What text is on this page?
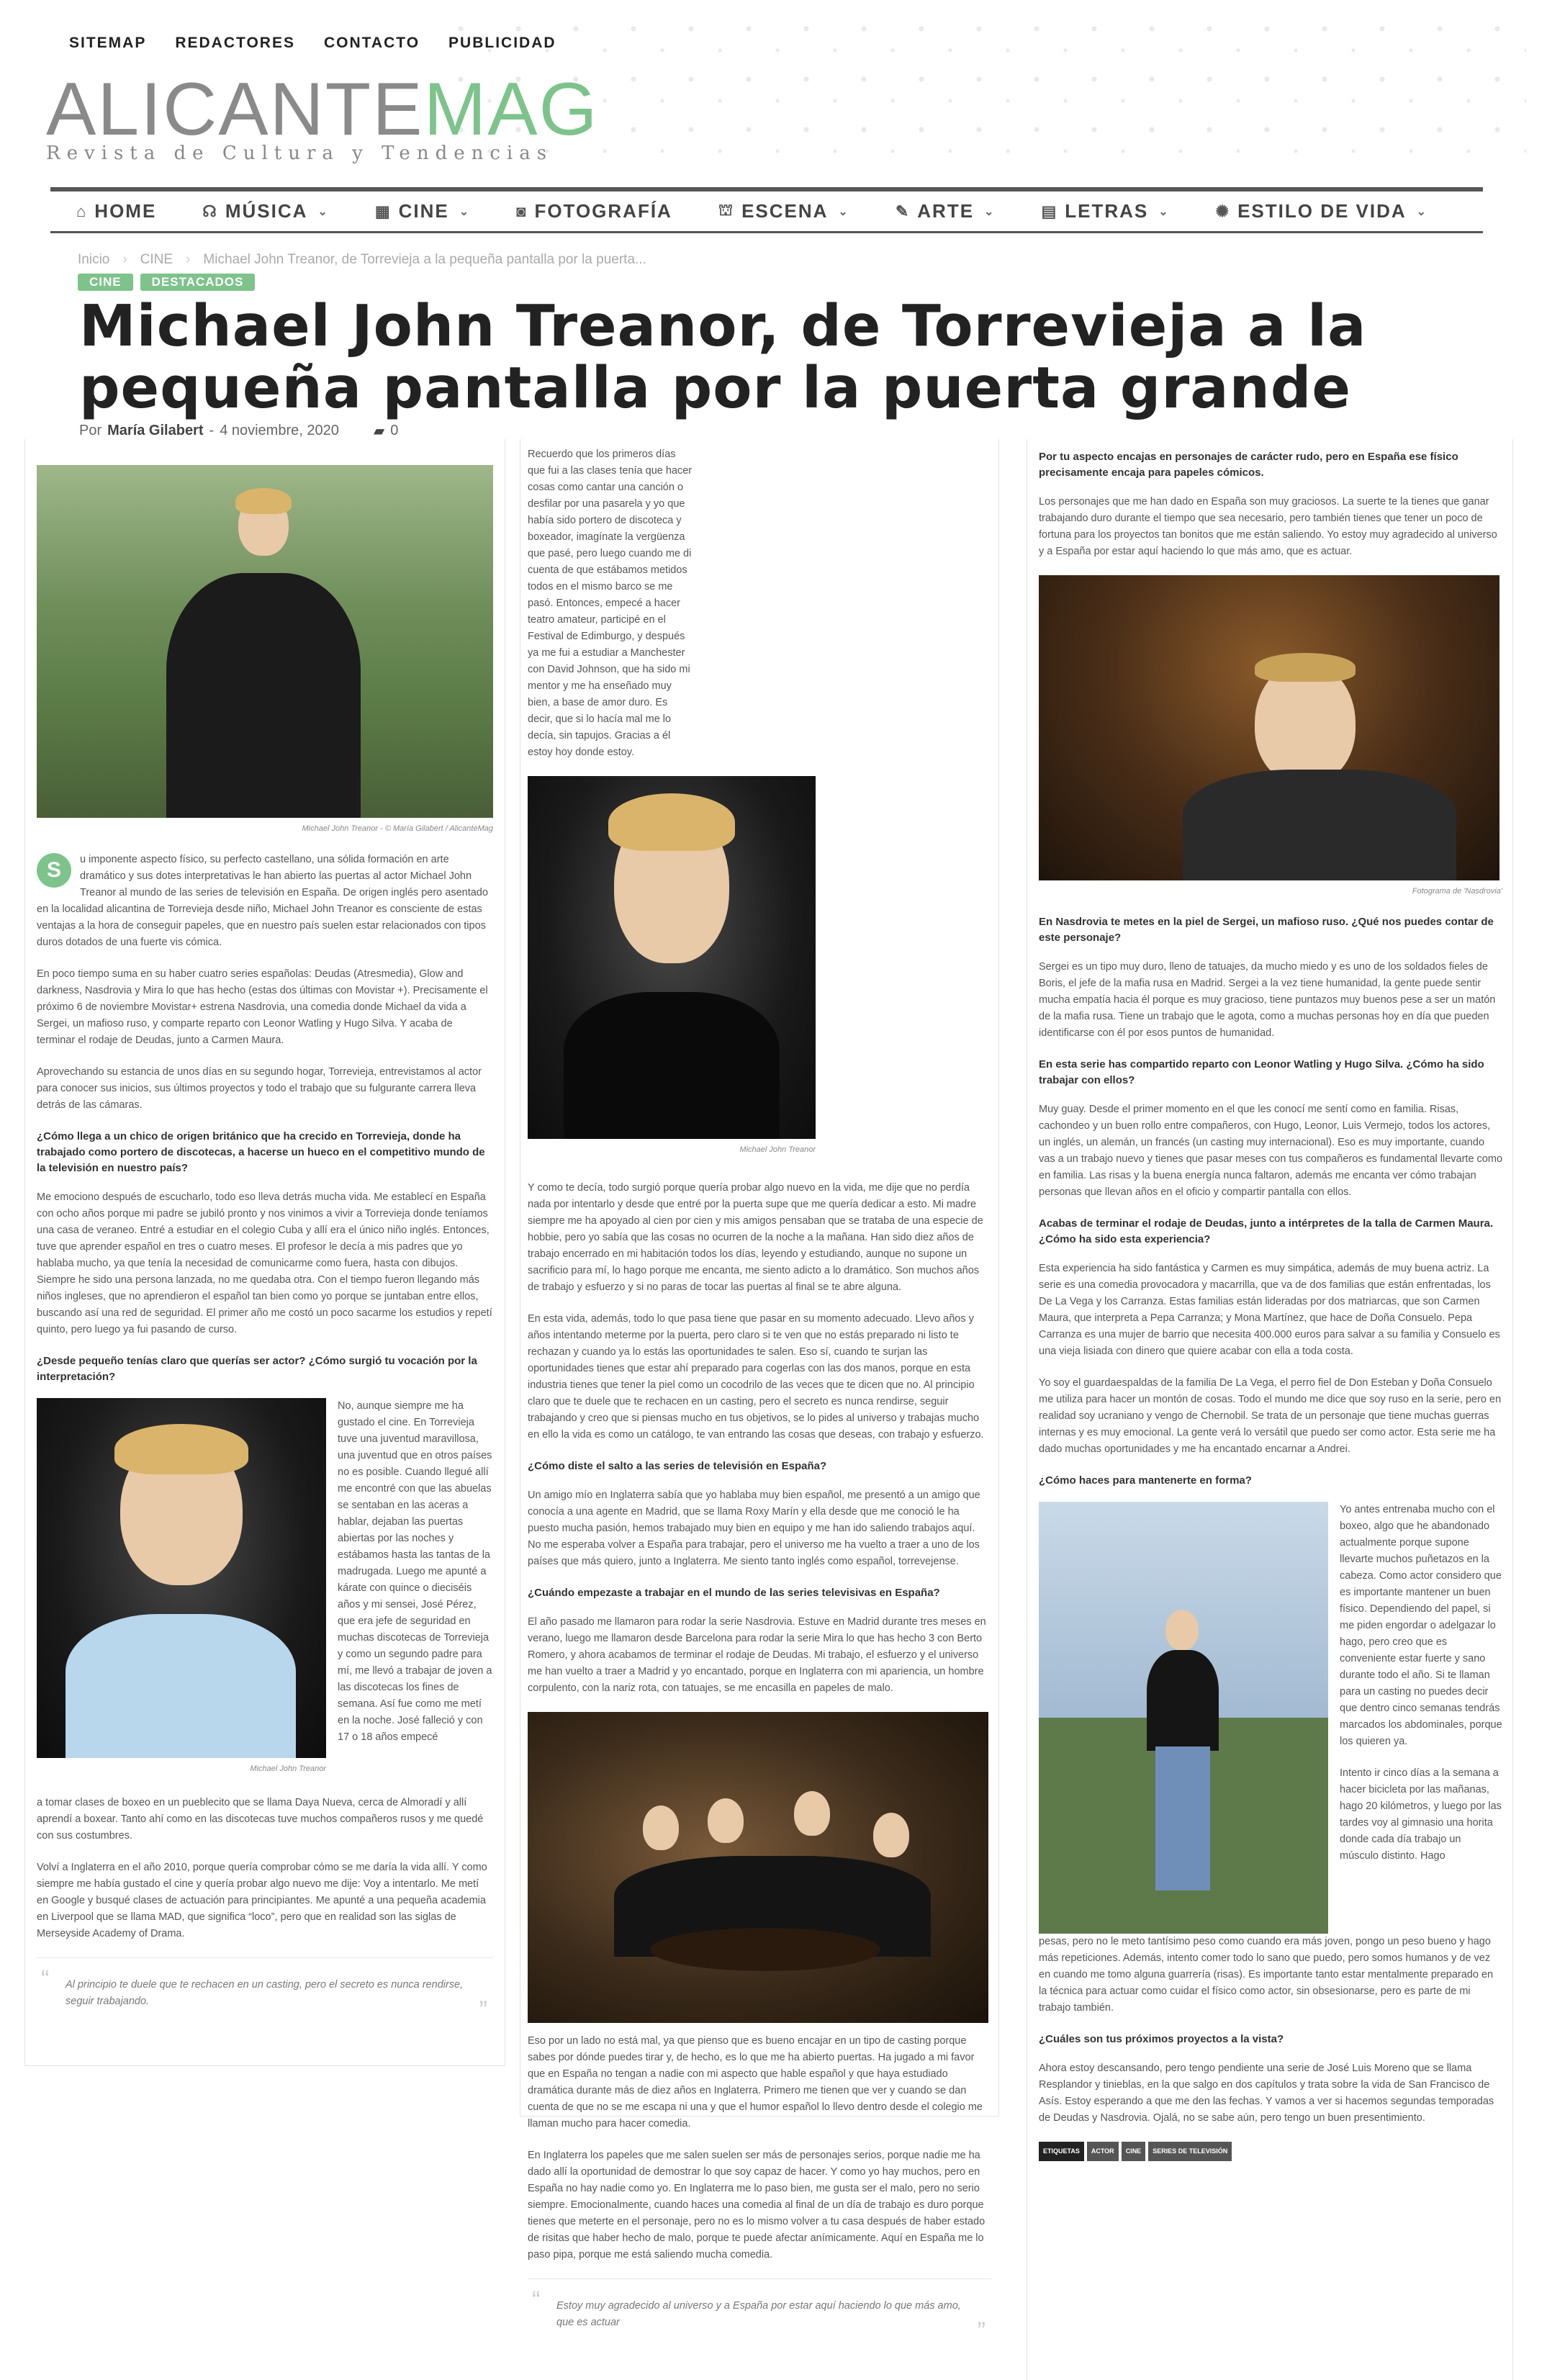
SITEMAP REDACTORES CONTACTO PUBLICIDAD
ALICANTEMAG
Revista de Cultura y Tendencias
⌂ HOME	☊ MÚSICA ⌄	▦ CINE ⌄	◙ FOTOGRAFÍA	⛫ ESCENA ⌄	✎ ARTE ⌄	▤ LETRAS ⌄	✺ ESTILO DE VIDA ⌄
Inicio › CINE › Michael John Treanor, de Torrevieja a la pequeña pantalla por la puerta...
CINE	DESTACADOS
Michael John Treanor, de Torrevieja a la pequeña pantalla por la puerta grande
Por María Gilabert - 4 noviembre, 2020 ▰ 0
Michael John Treanor - © María Gilabert / AlicanteMag

S	u imponente aspecto físico, su perfecto castellano, una sólida formación en arte dramático y sus dotes interpretativas le han abierto las puertas al actor Michael John Treanor al mundo de las series de televisión en España. De origen inglés pero asentado en la localidad alicantina de Torrevieja desde niño, Michael John Treanor es consciente de estas ventajas a la hora de conseguir papeles, que en nuestro país suelen estar relacionados con tipos duros dotados de una fuerte vis cómica.

En poco tiempo suma en su haber cuatro series españolas: Deudas (Atresmedia), Glow and darkness, Nasdrovia y Mira lo que has hecho (estas dos últimas con Movistar +). Precisamente el próximo 6 de noviembre Movistar+ estrena Nasdrovia, una comedia donde Michael da vida a Sergei, un mafioso ruso, y comparte reparto con Leonor Watling y Hugo Silva. Y acaba de terminar el rodaje de Deudas, junto a Carmen Maura.

Aprovechando su estancia de unos días en su segundo hogar, Torrevieja, entrevistamos al actor para conocer sus inicios, sus últimos proyectos y todo el trabajo que su fulgurante carrera lleva detrás de las cámaras.

¿Cómo llega a un chico de origen británico que ha crecido en Torrevieja, donde ha trabajado como portero de discotecas, a hacerse un hueco en el competitivo mundo de la televisión en nuestro país?

Me emociono después de escucharlo, todo eso lleva detrás mucha vida. Me establecí en España con ocho años porque mi padre se jubiló pronto y nos vinimos a vivir a Torrevieja donde teníamos una casa de veraneo. Entré a estudiar en el colegio Cuba y allí era el único niño inglés. Entonces, tuve que aprender español en tres o cuatro meses. El profesor le decía a mis padres que yo hablaba mucho, ya que tenía la necesidad de comunicarme como fuera, hasta con dibujos. Siempre he sido una persona lanzada, no me quedaba otra. Con el tiempo fueron llegando más niños ingleses, que no aprendieron el español tan bien como yo porque se juntaban entre ellos, buscando así una red de seguridad. El primer año me costó un poco sacarme los estudios y repetí quinto, pero luego ya fui pasando de curso.

¿Desde pequeño tenías claro que querías ser actor? ¿Cómo surgió tu vocación por la interpretación?
Michael John Treanor

No, aunque siempre me ha gustado el cine. En Torrevieja tuve una juventud maravillosa, una juventud que en otros países no es posible. Cuando llegué allí me encontré con que las abuelas se sentaban en las aceras a hablar, dejaban las puertas abiertas por las noches y estábamos hasta las tantas de la madrugada. Luego me apunté a kárate con quince o dieciséis años y mi sensei, José Pérez, que era jefe de seguridad en muchas discotecas de Torrevieja y como un segundo padre para mí, me llevó a trabajar de joven a las discotecas los fines de semana. Así fue como me metí en la noche. José falleció y con 17 o 18 años empecé

a tomar clases de boxeo en un pueblecito que se llama Daya Nueva, cerca de Almoradí y allí aprendí a boxear. Tanto ahí como en las discotecas tuve muchos compañeros rusos y me quedé con sus costumbres.

Volví a Inglaterra en el año 2010, porque quería comprobar cómo se me daría la vida allí. Y como siempre me había gustado el cine y quería probar algo nuevo me dije: Voy a intentarlo. Me metí en Google y busqué clases de actuación para principiantes. Me apunté a una pequeña academia en Liverpool que se llama MAD, que significa “loco”, pero que en realidad son las siglas de Merseyside Academy of Drama.

“ Al principio te duele que te rechacen en un casting, pero el secreto es nunca rendirse, seguir trabajando.	”

Recuerdo que los primeros días que fui a las clases tenía que hacer cosas como cantar una canción o desfilar por una pasarela y yo que había sido portero de discoteca y boxeador, imagínate la vergüenza que pasé, pero luego cuando me di cuenta de que estábamos metidos todos en el mismo barco se me pasó. Entonces, empecé a hacer teatro amateur, participé en el Festival de Edimburgo, y después ya me fui a estudiar a Manchester con David Johnson, que ha sido mi mentor y me ha enseñado muy bien, a base de amor duro. Es decir, que si lo hacía mal me lo decía, sin tapujos. Gracias a él estoy hoy donde estoy.

Michael John Treanor

Y como te decía, todo surgió porque quería probar algo nuevo en la vida, me dije que no perdía nada por intentarlo y desde que entré por la puerta supe que me quería dedicar a esto. Mi madre siempre me ha apoyado al cien por cien y mis amigos pensaban que se trataba de una especie de hobbie, pero yo sabía que las cosas no ocurren de la noche a la mañana. Han sido diez años de trabajo encerrado en mi habitación todos los días, leyendo y estudiando, aunque no supone un sacrificio para mí, lo hago porque me encanta, me siento adicto a lo dramático. Son muchos años de trabajo y esfuerzo y si no paras de tocar las puertas al final se te abre alguna.

En esta vida, además, todo lo que pasa tiene que pasar en su momento adecuado. Llevo años y años intentando meterme por la puerta, pero claro si te ven que no estás preparado ni listo te rechazan y cuando ya lo estás las oportunidades te salen. Eso sí, cuando te surjan las oportunidades tienes que estar ahí preparado para cogerlas con las dos manos, porque en esta industria tienes que tener la piel como un cocodrilo de las veces que te dicen que no. Al principio claro que te duele que te rechacen en un casting, pero el secreto es nunca rendirse, seguir trabajando y creo que si piensas mucho en tus objetivos, se lo pides al universo y trabajas mucho en ello la vida es como un catálogo, te van entrando las cosas que deseas, con trabajo y esfuerzo.

¿Cómo diste el salto a las series de televisión en España?

Un amigo mío en Inglaterra sabía que yo hablaba muy bien español, me presentó a un amigo que conocía a una agente en Madrid, que se llama Roxy Marín y ella desde que me conoció le ha puesto mucha pasión, hemos trabajado muy bien en equipo y me han ido saliendo trabajos aquí. No me esperaba volver a España para trabajar, pero el universo me ha vuelto a traer a uno de los países que más quiero, junto a Inglaterra. Me siento tanto inglés como español, torrevejense.

¿Cuándo empezaste a trabajar en el mundo de las series televisivas en España?

El año pasado me llamaron para rodar la serie Nasdrovia. Estuve en Madrid durante tres meses en verano, luego me llamaron desde Barcelona para rodar la serie Mira lo que has hecho 3 con Berto Romero, y ahora acabamos de terminar el rodaje de Deudas. Mi trabajo, el esfuerzo y el universo me han vuelto a traer a Madrid y yo encantado, porque en Inglaterra con mi apariencia, un hombre corpulento, con la nariz rota, con tatuajes, se me encasilla en papeles de malo.

Eso por un lado no está mal, ya que pienso que es bueno encajar en un tipo de casting porque sabes por dónde puedes tirar y, de hecho, es lo que me ha abierto puertas. Ha jugado a mi favor que en España no tengan a nadie con mi aspecto que hable español y que haya estudiado dramática durante más de diez años en Inglaterra. Primero me tienen que ver y cuando se dan cuenta de que no se me escapa ni una y que el humor español lo llevo dentro desde el colegio me llaman mucho para hacer comedia.

En Inglaterra los papeles que me salen suelen ser más de personajes serios, porque nadie me ha dado allí la oportunidad de demostrar lo que soy capaz de hacer. Y como yo hay muchos, pero en España no hay nadie como yo. En Inglaterra me lo paso bien, me gusta ser el malo, pero no serio siempre. Emocionalmente, cuando haces una comedia al final de un día de trabajo es duro porque tienes que meterte en el personaje, pero no es lo mismo volver a tu casa después de haber estado de risitas que haber hecho de malo, porque te puede afectar anímicamente. Aquí en España me lo paso pipa, porque me está saliendo mucha comedia.

“ Estoy muy agradecido al universo y a España por estar aquí haciendo lo que más amo, que es actuar	”
Por tu aspecto encajas en personajes de carácter rudo, pero en España ese físico precisamente encaja para papeles cómicos.

Los personajes que me han dado en España son muy graciosos. La suerte te la tienes que ganar trabajando duro durante el tiempo que sea necesario, pero también tienes que tener un poco de fortuna para los proyectos tan bonitos que me están saliendo. Yo estoy muy agradecido al universo y a España por estar aquí haciendo lo que más amo, que es actuar.

Fotograma de 'Nasdrovia'
En Nasdrovia te metes en la piel de Sergei, un mafioso ruso. ¿Qué nos puedes contar de este personaje?

Sergei es un tipo muy duro, lleno de tatuajes, da mucho miedo y es uno de los soldados fieles de Boris, el jefe de la mafia rusa en Madrid. Sergei a la vez tiene humanidad, la gente puede sentir mucha empatía hacia él porque es muy gracioso, tiene puntazos muy buenos pese a ser un matón de la mafia rusa. Tiene un trabajo que le agota, como a muchas personas hoy en día que pueden identificarse con él por esos puntos de humanidad.

En esta serie has compartido reparto con Leonor Watling y Hugo Silva. ¿Cómo ha sido trabajar con ellos?

Muy guay. Desde el primer momento en el que les conocí me sentí como en familia. Risas, cachondeo y un buen rollo entre compañeros, con Hugo, Leonor, Luis Vermejo, todos los actores, un inglés, un alemán, un francés (un casting muy internacional). Eso es muy importante, cuando vas a un trabajo nuevo y tienes que pasar meses con tus compañeros es fundamental llevarte como en familia. Las risas y la buena energía nunca faltaron, además me encanta ver cómo trabajan personas que llevan años en el oficio y compartir pantalla con ellos.

Acabas de terminar el rodaje de Deudas, junto a intérpretes de la talla de Carmen Maura. ¿Cómo ha sido esta experiencia?

Esta experiencia ha sido fantástica y Carmen es muy simpática, además de muy buena actriz. La serie es una comedia provocadora y macarrilla, que va de dos familias que están enfrentadas, los De La Vega y los Carranza. Estas familias están lideradas por dos matriarcas, que son Carmen Maura, que interpreta a Pepa Carranza; y Mona Martínez, que hace de Doña Consuelo. Pepa Carranza es una mujer de barrio que necesita 400.000 euros para salvar a su familia y Consuelo es una vieja lisiada con dinero que quiere acabar con ella a toda costa.

Yo soy el guardaespaldas de la familia De La Vega, el perro fiel de Don Esteban y Doña Consuelo me utiliza para hacer un montón de cosas. Todo el mundo me dice que soy ruso en la serie, pero en realidad soy ucraniano y vengo de Chernobil. Se trata de un personaje que tiene muchas guerras internas y es muy emocional. La gente verá lo versátil que puedo ser como actor. Esta serie me ha dado muchas oportunidades y me ha encantado encarnar a Andrei.

¿Cómo haces para mantenerte en forma?

Yo antes entrenaba mucho con el boxeo, algo que he abandonado actualmente porque supone llevarte muchos puñetazos en la cabeza. Como actor considero que es importante mantener un buen físico. Dependiendo del papel, si me piden engordar o adelgazar lo hago, pero creo que es conveniente estar fuerte y sano durante todo el año. Si te llaman para un casting no puedes decir que dentro cinco semanas tendrás marcados los abdominales, porque los quieren ya.

Intento ir cinco días a la semana a hacer bicicleta por las mañanas, hago 20 kilómetros, y luego por las tardes voy al gimnasio una horita donde cada día trabajo un músculo distinto. Hago

pesas, pero no le meto tantísimo peso como cuando era más joven, pongo un peso bueno y hago más repeticiones. Además, intento comer todo lo sano que puedo, pero somos humanos y de vez en cuando me tomo alguna guarrería (risas). Es importante tanto estar mentalmente preparado en la técnica para actuar como cuidar el físico como actor, sin obsesionarse, pero es parte de mi trabajo también.

¿Cuáles son tus próximos proyectos a la vista?

Ahora estoy descansando, pero tengo pendiente una serie de José Luis Moreno que se llama Resplandor y tinieblas, en la que salgo en dos capítulos y trata sobre la vida de San Francisco de Asís. Estoy esperando a que me den las fechas. Y vamos a ver si hacemos segundas temporadas de Deudas y Nasdrovia. Ojalá, no se sabe aún, pero tengo un buen presentimiento.

ETIQUETAS	ACTOR	CINE	SERIES DE TELEVISIÓN
